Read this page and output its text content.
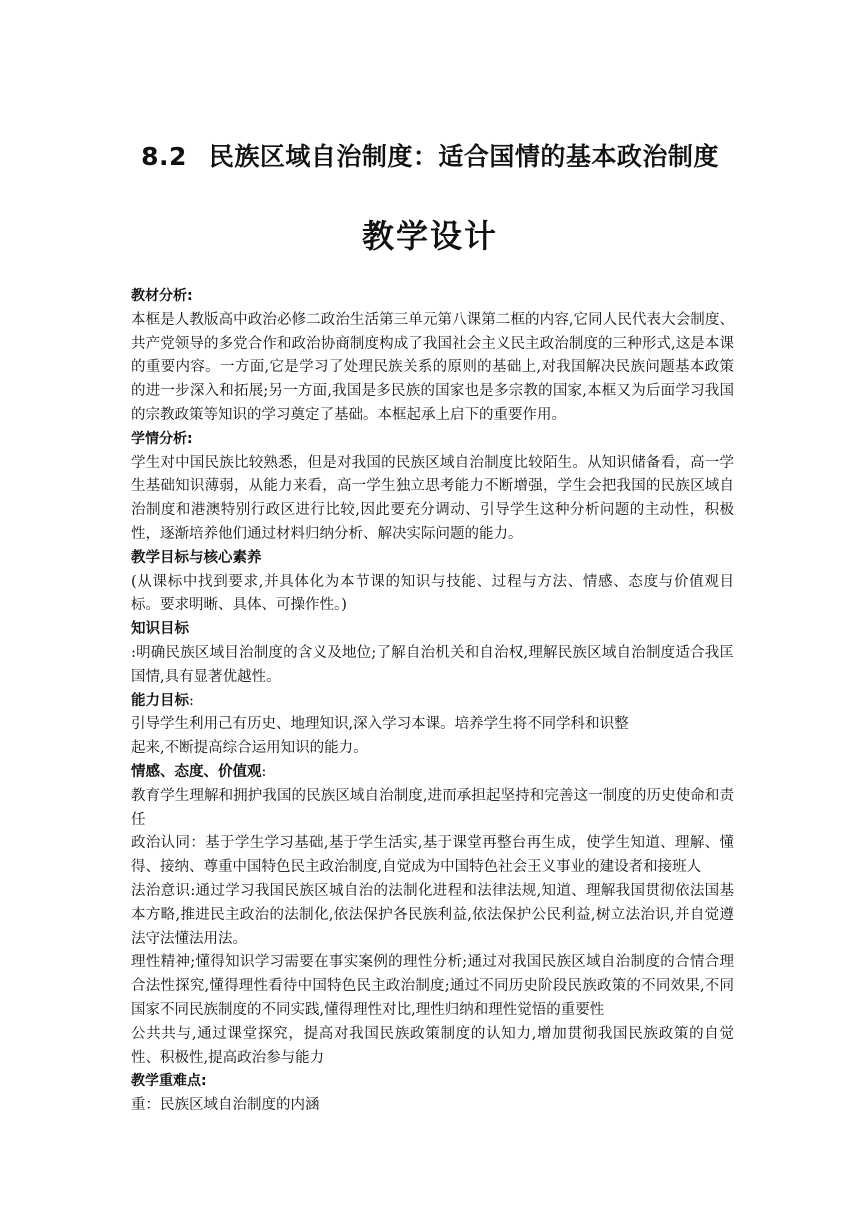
8.2 民族区域自治制度：适合国情的基本政治制度
教学设计

教材分析:

本框是人教版高中政治必修二政治生活第三单元第八课第二框的内容,它同人民代表大会制度、共产党领导的多党合作和政治协商制度构成了我国社会主义民主政治制度的三种形式,这是本课的重要内容。一方面,它是学习了处理民族关系的原则的基础上,对我国解决民族问题基本政策的进一步深入和拓展;另一方面,我国是多民族的国家也是多宗教的国家,本框又为后面学习我国的宗教政策等知识的学习奠定了基础。本框起承上启下的重要作用。

学情分析:

学生对中国民族比较熟悉，但是对我国的民族区域自治制度比较陌生。从知识储备看，高一学生基础知识薄弱，从能力来看，高一学生独立思考能力不断增强，学生会把我国的民族区域自治制度和港澳特别行政区进行比较,因此要充分调动、引导学生这种分析问题的主动性，积极性，逐渐培养他们通过材料归纳分析、解决实际问题的能力。

教学目标与核心素养

(从课标中找到要求,并具体化为本节课的知识与技能、过程与方法、情感、态度与价值观目标。要求明晰、具体、可操作性。)

知识目标

:明确民族区域目治制度的含义及地位;了解自治机关和自治权,理解民族区域自治制度适合我匡国情,具有显著优越性。

能力目标:

引导学生利用己有历史、地理知识,深入学习本课。培养学生将不同学科和识整

起来,不断提高综合运用知识的能力。

情感、态度、价值观:

教育学生理解和拥护我国的民族区域自治制度,进而承担起坚持和完善这一制度的历史使命和责任

政治认同：基于学生学习基础,基于学生活实,基于课堂再整台再生成，使学生知道、理解、懂得、接纳、尊重中国特色民主政治制度,自觉成为中国特色社会王义事业的建设者和接班人

法治意识:通过学习我国民族区城自治的法制化进程和法律法规,知道、理解我国贯彻依法国基本方略,推进民主政治的法制化,依法保护各民族利益,依法保护公民利益,树立法治识,并自觉遵法守法懂法用法。

理性精神;懂得知识学习需要在事实案例的理性分析;通过对我国民族区域自治制度的合情合理合法性探究,懂得理性看待中国特色民主政治制度;通过不同历史阶段民族政策的不同效果,不同国家不同民族制度的不同实践,懂得理性对比,理性归纳和理性觉悟的重要性

公共共与,通过课堂探究，提高对我国民族政策制度的认知力,增加贯彻我国民族政策的自觉性、积极性,提高政治参与能力

教学重难点:

重：民族区域自治制度的内涵
